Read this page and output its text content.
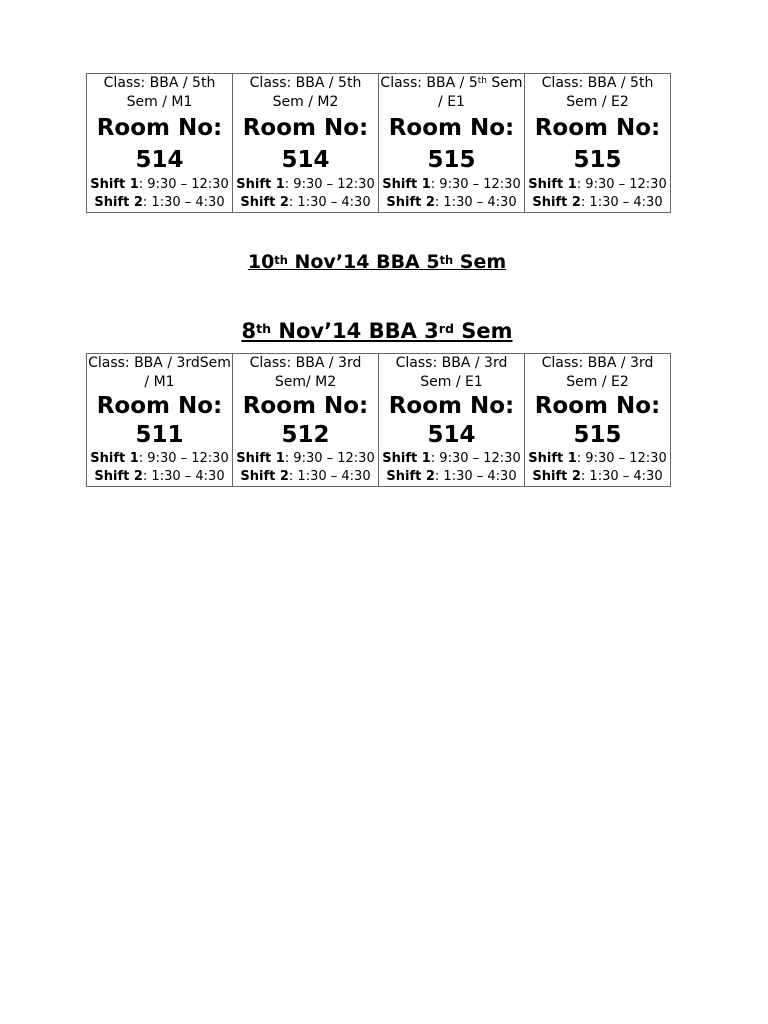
Class: BBA / 5th Sem / M1
Room No: 514
Shift 1: 9:30 – 12:30
Shift 2: 1:30 – 4:30

Class: BBA / 5th Sem / M2
Room No: 514
Shift 1: 9:30 – 12:30
Shift 2: 1:30 – 4:30

Class: BBA / 5th Sem / E1
Room No: 515
Shift 1: 9:30 – 12:30
Shift 2: 1:30 – 4:30

Class: BBA / 5th Sem / E2
Room No: 515
Shift 1: 9:30 – 12:30
Shift 2: 1:30 – 4:30
10th Nov’14 BBA 5th Sem
8th Nov’14 BBA 3rd Sem
Class: BBA / 3rdSem / M1
Room No: 511
Shift 1: 9:30 – 12:30
Shift 2: 1:30 – 4:30

Class: BBA / 3rd Sem/ M2
Room No: 512
Shift 1: 9:30 – 12:30
Shift 2: 1:30 – 4:30

Class: BBA / 3rd Sem / E1
Room No: 514
Shift 1: 9:30 – 12:30
Shift 2: 1:30 – 4:30

Class: BBA / 3rd Sem / E2
Room No: 515
Shift 1: 9:30 – 12:30
Shift 2: 1:30 – 4:30
